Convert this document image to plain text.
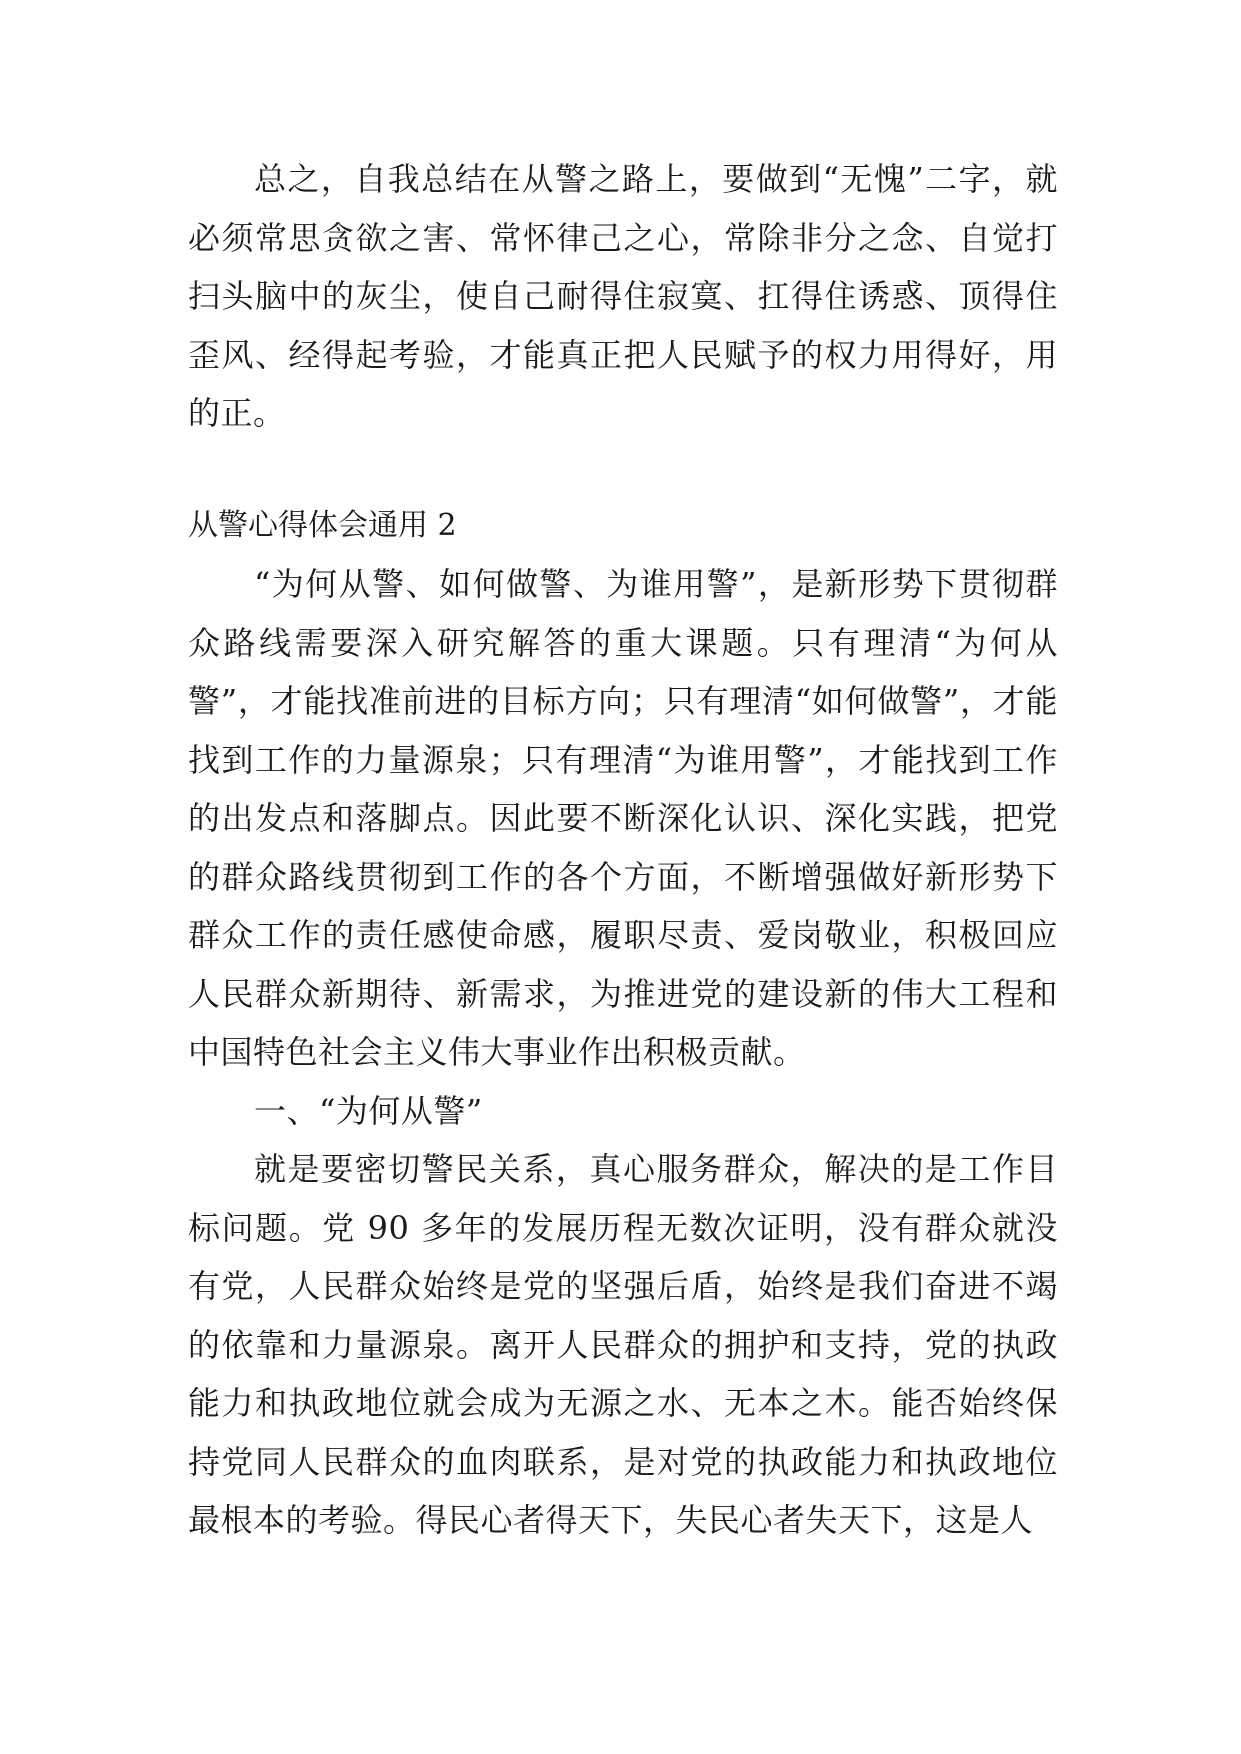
总之，自我总结在从警之路上，要做到“无愧”二字，就必须常思贪欲之害、常怀律己之心，常除非分之念、自觉打扫头脑中的灰尘，使自己耐得住寂寞、扛得住诱惑、顶得住歪风、经得起考验，才能真正把人民赋予的权力用得好，用的正。

从警心得体会通用 2

“为何从警、如何做警、为谁用警”，是新形势下贯彻群众路线需要深入研究解答的重大课题。只有理清“为何从警”，才能找准前进的目标方向；只有理清“如何做警”，才能找到工作的力量源泉；只有理清“为谁用警”，才能找到工作的出发点和落脚点。因此要不断深化认识、深化实践，把党的群众路线贯彻到工作的各个方面，不断增强做好新形势下群众工作的责任感使命感，履职尽责、爱岗敬业，积极回应人民群众新期待、新需求，为推进党的建设新的伟大工程和中国特色社会主义伟大事业作出积极贡献。

一、“为何从警”

就是要密切警民关系，真心服务群众，解决的是工作目标问题。党 90 多年的发展历程无数次证明，没有群众就没有党，人民群众始终是党的坚强后盾，始终是我们奋进不竭的依靠和力量源泉。离开人民群众的拥护和支持，党的执政能力和执政地位就会成为无源之水、无本之木。能否始终保持党同人民群众的血肉联系，是对党的执政能力和执政地位最根本的考验。得民心者得天下，失民心者失天下，这是人
